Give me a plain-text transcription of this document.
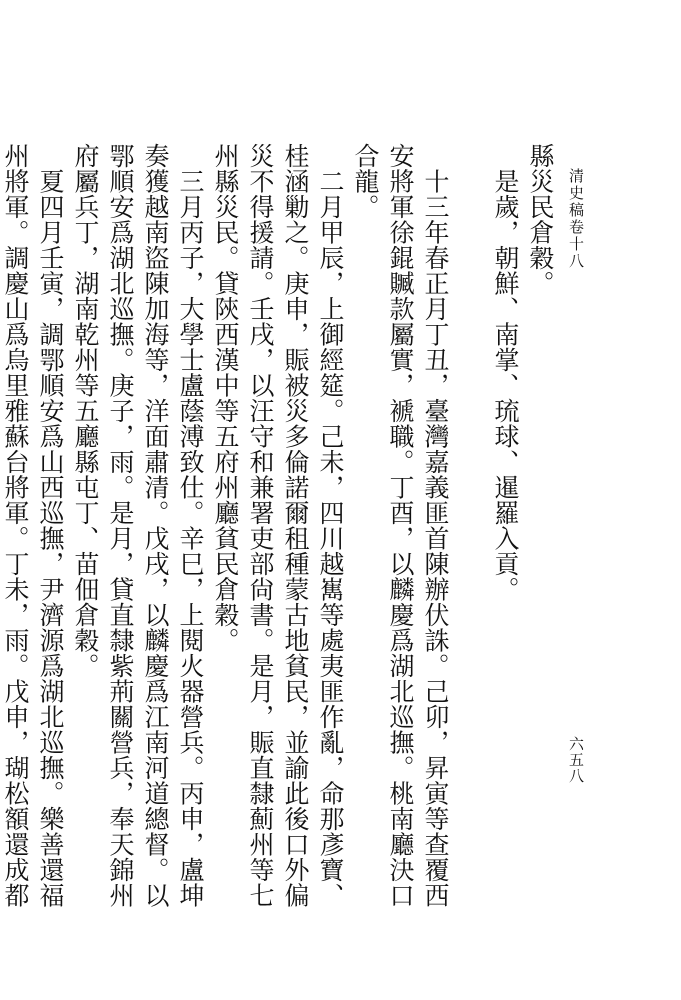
清史稿卷十八
六五八
縣災民倉穀。
　是歲，朝鮮、南掌、琉球、暹羅入貢。

　十三年春正月丁丑，臺灣嘉義匪首陳辦伏誅。己卯，昇寅等查覆西安將軍徐錕贓款屬實，褫職。丁酉，以麟慶爲湖北巡撫。桃南廳決口合龍。
　二月甲辰，上御經筵。己未，四川越嶲等處夷匪作亂，命那彥寶、桂涵勦之。庚申，賑被災多倫諾爾租種蒙古地貧民，並諭此後口外偏災不得援請。壬戌，以汪守和兼署吏部尙書。是月，賑直隸薊州等七州縣災民。貸陝西漢中等五府州廳貧民倉穀。
　三月丙子，大學士盧蔭溥致仕。辛巳，上閱火器營兵。丙申，盧坤奏獲越南盜陳加海等，洋面肅清。戊戌，以麟慶爲江南河道總督。以鄂順安爲湖北巡撫。庚子，雨。是月，貸直隸紫荊關營兵，奉天錦州府屬兵丁，湖南乾州等五廳縣屯丁、苗佃倉穀。
　夏四月壬寅，調鄂順安爲山西巡撫，尹濟源爲湖北巡撫。樂善還福州將軍。調慶山爲烏里雅蘇台將軍。丁未，雨。戊申，瑚松額還成都
